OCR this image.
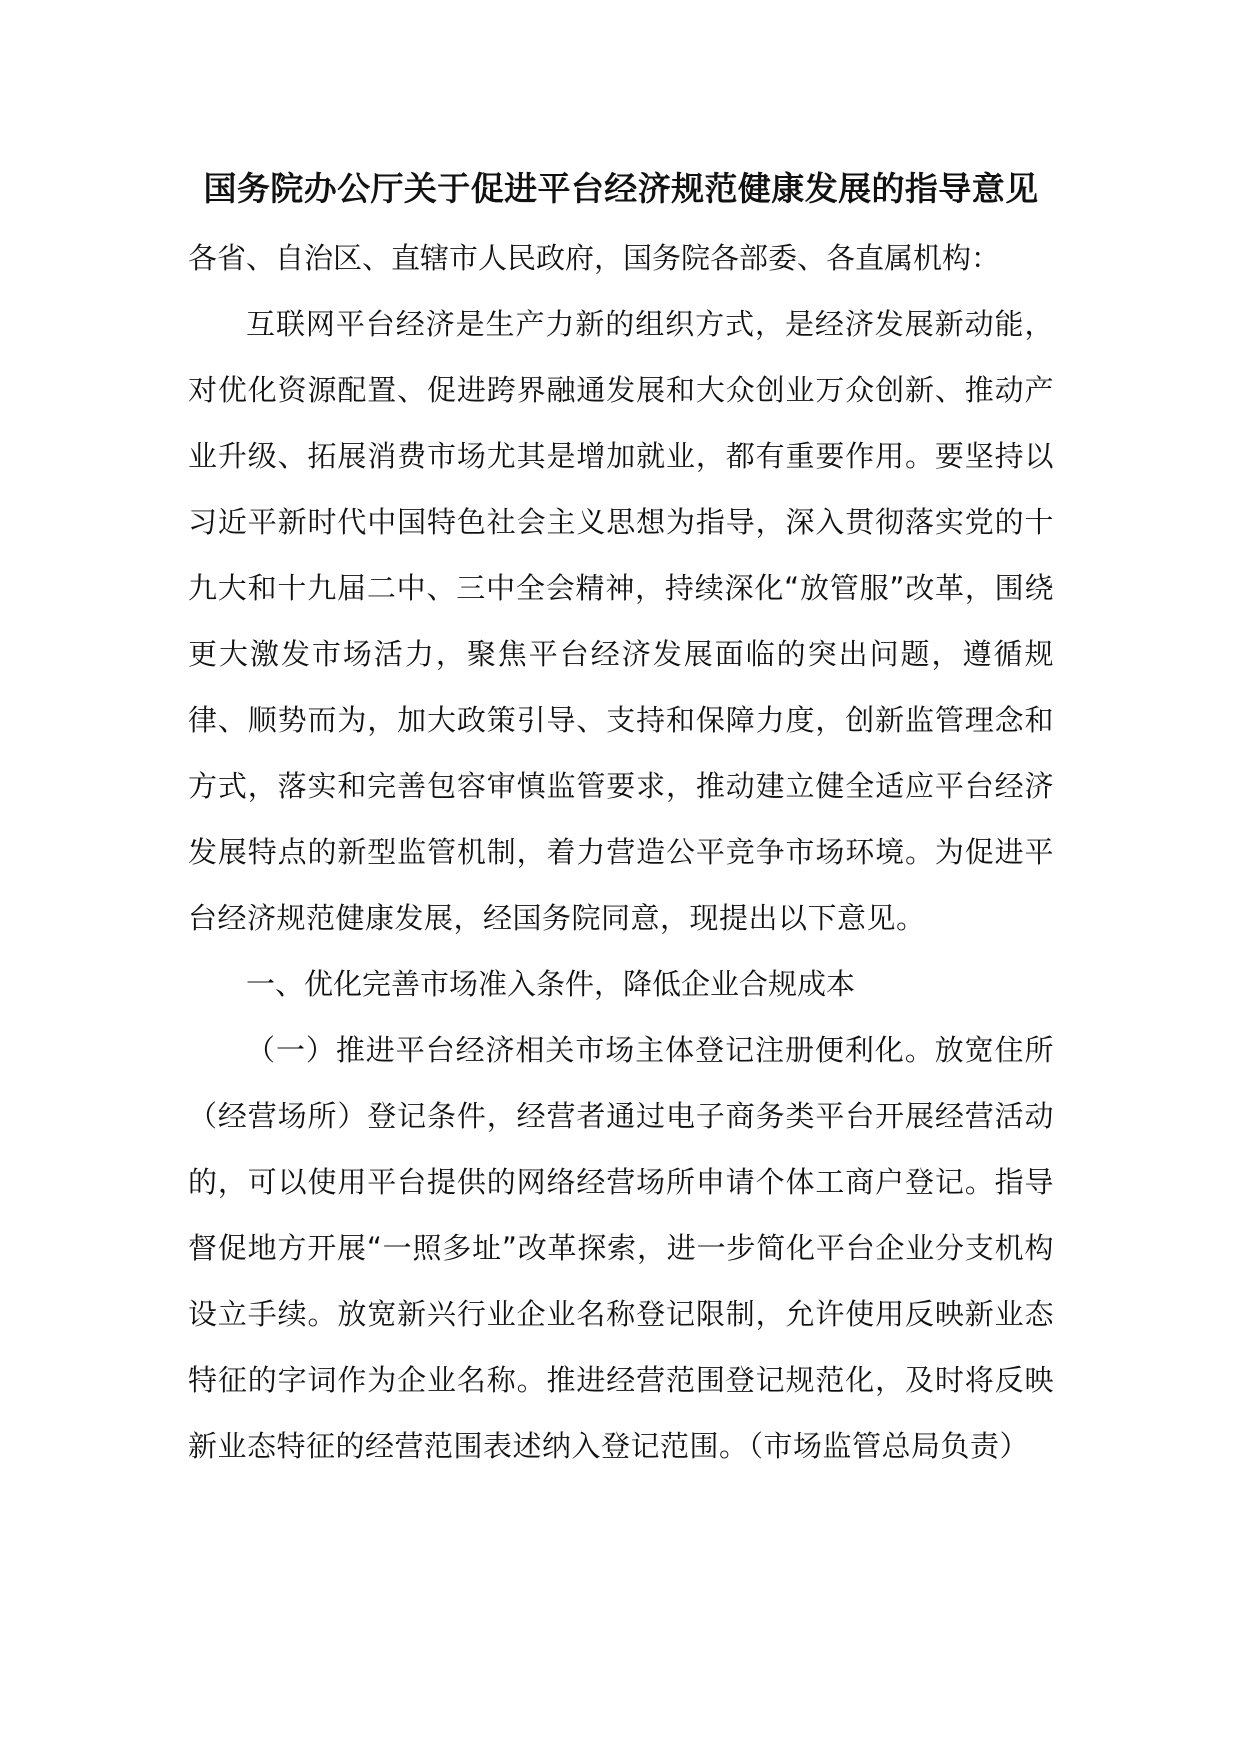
国务院办公厅关于促进平台经济规范健康发展的指导意见

各省、自治区、直辖市人民政府，国务院各部委、各直属机构：

互联网平台经济是生产力新的组织方式，是经济发展新动能，对优化资源配置、促进跨界融通发展和大众创业万众创新、推动产业升级、拓展消费市场尤其是增加就业，都有重要作用。要坚持以习近平新时代中国特色社会主义思想为指导，深入贯彻落实党的十九大和十九届二中、三中全会精神，持续深化“放管服”改革，围绕更大激发市场活力，聚焦平台经济发展面临的突出问题，遵循规律、顺势而为，加大政策引导、支持和保障力度，创新监管理念和方式，落实和完善包容审慎监管要求，推动建立健全适应平台经济发展特点的新型监管机制，着力营造公平竞争市场环境。为促进平台经济规范健康发展，经国务院同意，现提出以下意见。

一、优化完善市场准入条件，降低企业合规成本

（一）推进平台经济相关市场主体登记注册便利化。放宽住所（经营场所）登记条件，经营者通过电子商务类平台开展经营活动的，可以使用平台提供的网络经营场所申请个体工商户登记。指导督促地方开展“一照多址”改革探索，进一步简化平台企业分支机构设立手续。放宽新兴行业企业名称登记限制，允许使用反映新业态特征的字词作为企业名称。推进经营范围登记规范化，及时将反映新业态特征的经营范围表述纳入登记范围。（市场监管总局负责）
